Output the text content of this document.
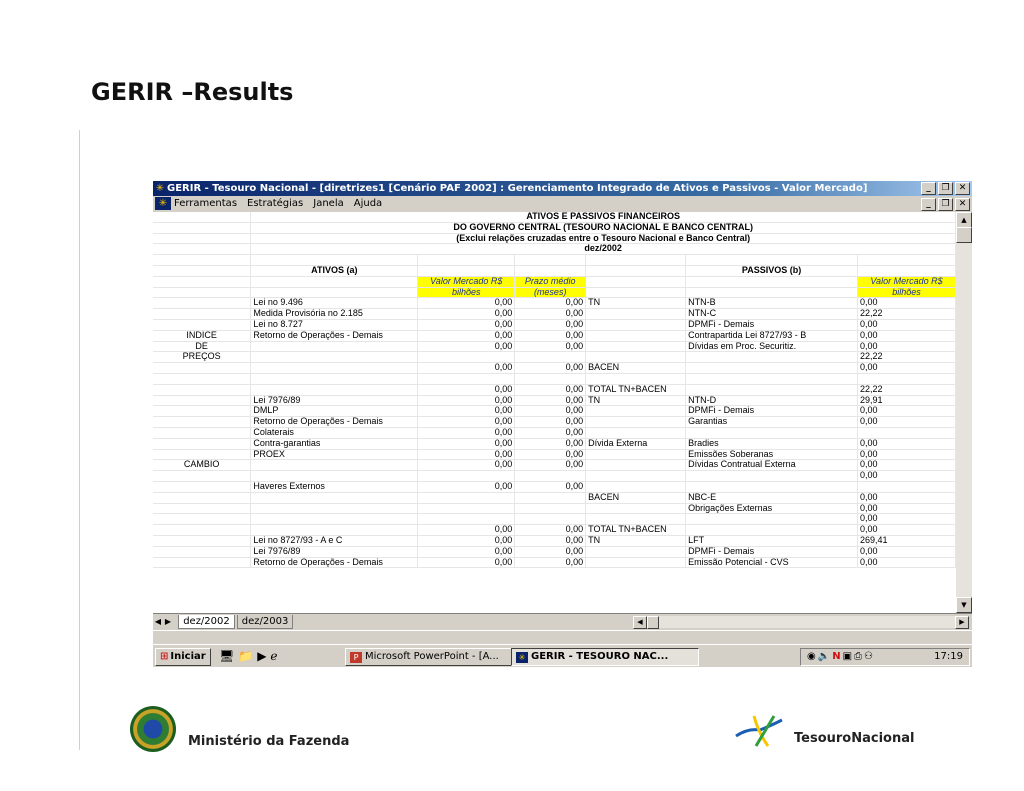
GERIR –Results
✳ GERIR - Tesouro Nacional - [diretrizes1 [Cenário PAF 2002] : Gerenciamento Integrado de Ativos e Passivos - Valor Mercado]	_	❐	✕
✳ Ferramentas Estratégias Janela Ajuda	_	❐	✕
	ATIVOS E PASSIVOS FINANCEIROS					
	DO GOVERNO CENTRAL (TESOURO NACIONAL E BANCO CENTRAL)					
	(Exclui relações cruzadas entre o Tesouro Nacional e Banco Central)					
	dez/2002					

	ATIVOS (a)				PASSIVOS (b)	
		Valor Mercado R$	Prazo médio			Valor Mercado R$
		bilhões	(meses)			bilhões
	Lei no 9.496	0,00	0,00	TN	NTN-B	0,00
	Medida Provisória no 2.185	0,00	0,00		NTN-C	22,22
	Lei no 8.727	0,00	0,00		DPMFi - Demais	0,00
ÍNDICE	Retorno de Operações - Demais	0,00	0,00		Contrapartida Lei 8727/93 - B	0,00
DE		0,00	0,00		Dívidas em Proc. Securitiz.	0,00
PREÇOS						22,22
		0,00	0,00	BACEN		0,00

		0,00	0,00	TOTAL TN+BACEN		22,22
	Lei 7976/89	0,00	0,00	TN	NTN-D	29,91
	DMLP	0,00	0,00		DPMFi - Demais	0,00
	Retorno de Operações - Demais	0,00	0,00		Garantias	0,00
	Colaterais	0,00	0,00			
	Contra-garantias	0,00	0,00	Dívida Externa	Bradies	0,00
	PROEX	0,00	0,00		Emissões Soberanas	0,00
CÂMBIO		0,00	0,00		Dívidas Contratual Externa	0,00
						0,00
	Haveres Externos	0,00	0,00			
				BACEN	NBC-E	0,00
					Obrigações Externas	0,00
						0,00
		0,00	0,00	TOTAL TN+BACEN		0,00
	Lei no 8727/93 - A e C	0,00	0,00	TN	LFT	269,41
	Lei 7976/89	0,00	0,00		DPMFi - Demais	0,00
	Retorno de Operações - Demais	0,00	0,00		Emissão Potencial - CVS	0,00
▲
▼
◀ ▶ dez/2002 dez/2003	◀	▶
⊞ Iniciar	🖥📁▶ℯ	P Microsoft PowerPoint - [A...	✳ GERIR - TESOURO NAC...	◉🔈N▣⎙⚇	17:19
Ministério da Fazenda	TesouroNacional
